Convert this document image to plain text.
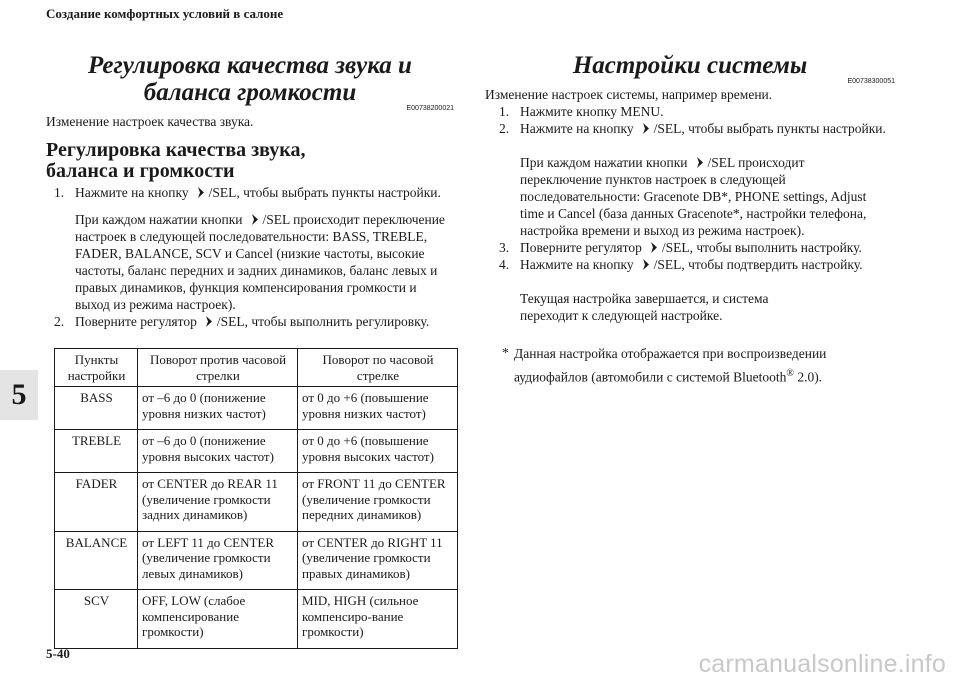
Создание комфортных условий в салоне
5
5-40	carmanualsonline.info
Регулировка качества звука и баланса громкости
E00738200021
Изменение настроек качества звука.
Регулировка качества звука, баланса и громкости
1. Нажмите на кнопку /SEL, чтобы выбрать пункты настройки.
При каждом нажатии кнопки /SEL происходит переключение настроек в следующей последовательности: BASS, TREBLE, FADER, BALANCE, SCV и Cancel (низкие частоты, высокие частоты, баланс передних и задних динамиков, баланс левых и правых динамиков, функция компенсирования громкости и выход из режима настроек).
2. Поверните регулятор /SEL, чтобы выполнить регулировку.
Пункты настройки	Поворот против часовой стрелки	Поворот по часовой стрелке
BASS	от –6 до 0 (понижение уровня низких частот)	от 0 до +6 (повышение уровня низких частот)
TREBLE	от –6 до 0 (понижение уровня высоких частот)	от 0 до +6 (повышение уровня высоких частот)
FADER	от CENTER до REAR 11 (увеличение громкости задних динамиков)	от FRONT 11 до CENTER (увеличение громкости передних динамиков)
BALANCE	от LEFT 11 до CENTER (увеличение громкости левых динамиков)	от CENTER до RIGHT 11 (увеличение громкости правых динамиков)
SCV	OFF, LOW (слабое компенсирование громкости)	MID, HIGH (сильное компенсиро-вание громкости)
Настройки системы
E00738300051
Изменение настроек системы, например времени.
1. Нажмите кнопку MENU.
2. Нажмите на кнопку /SEL, чтобы выбрать пункты настройки.
При каждом нажатии кнопки /SEL происходит переключение пунктов настроек в следующей последовательности: Gracenote DB*, PHONE settings, Adjust time и Cancel (база данных Gracenote*, настройки телефона, настройка времени и выход из режима настроек).
3. Поверните регулятор /SEL, чтобы выполнить настройку.
4. Нажмите на кнопку /SEL, чтобы подтвердить настройку.
Текущая настройка завершается, и система переходит к следующей настройке.
* Данная настройка отображается при воспроизведении аудиофайлов (автомобили с системой Bluetooth® 2.0).
